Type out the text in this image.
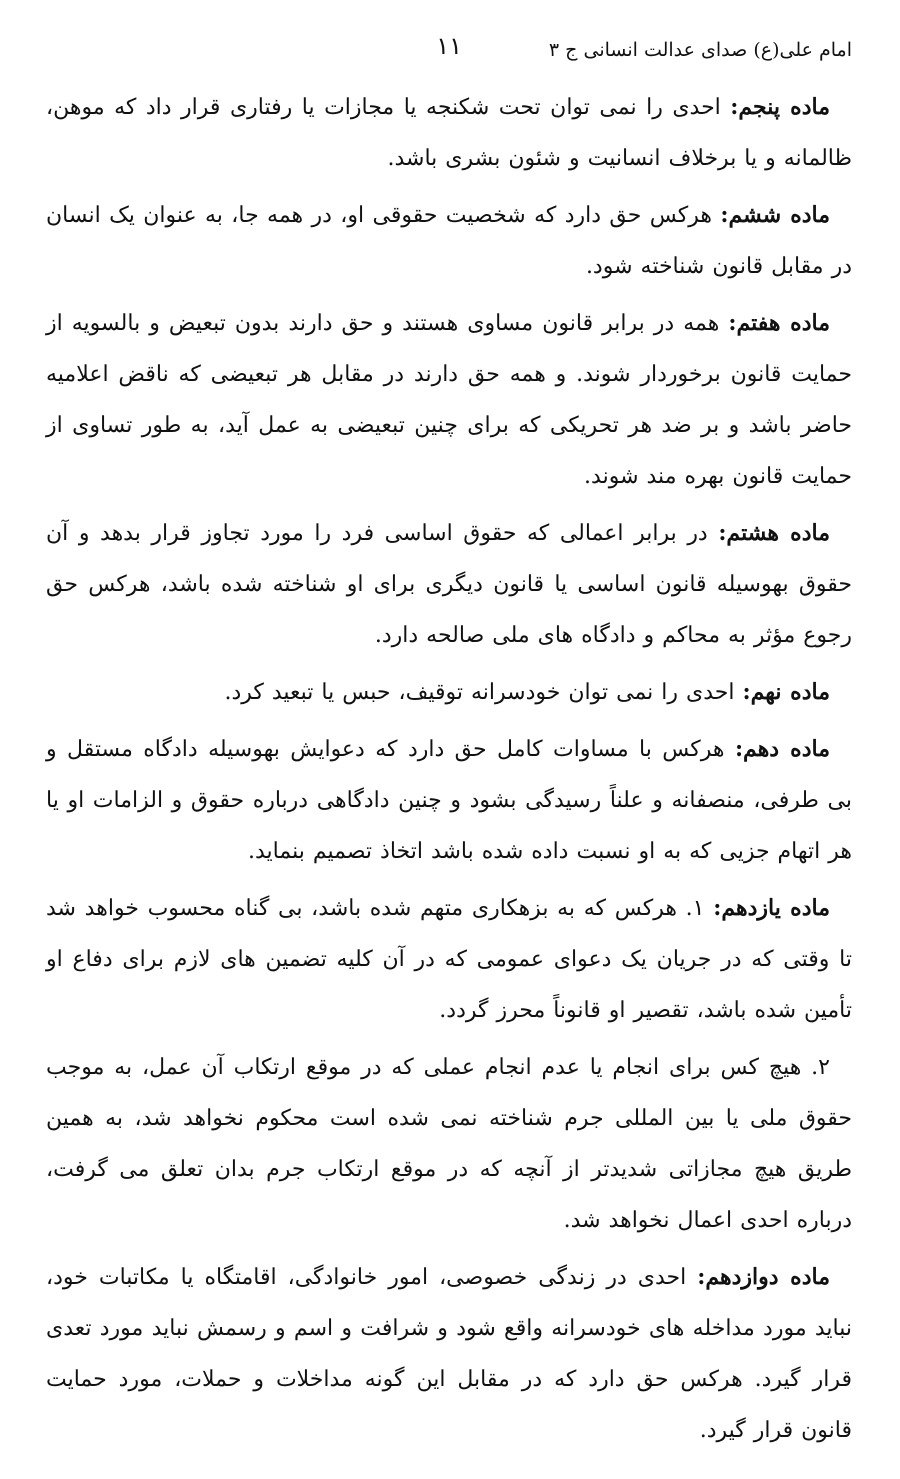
امام علی(ع) صدای عدالت انسانی ج ۳
۱۱

ماده پنجم: احدی را نمی توان تحت شکنجه یا مجازات یا رفتاری قرار داد که موهن، ظالمانه و یا برخلاف انسانیت و شئون بشری باشد.

ماده ششم: هرکس حق دارد که شخصیت حقوقی او، در همه جا، به عنوان یک انسان در مقابل قانون شناخته شود.

ماده هفتم: همه در برابر قانون مساوی هستند و حق دارند بدون تبعیض و بالسویه از حمایت قانون برخوردار شوند. و همه حق دارند در مقابل هر تبعیضی که ناقض اعلامیه حاضر باشد و بر ضد هر تحریکی که برای چنین تبعیضی به عمل آید، به طور تساوی از حمایت قانون بهره مند شوند.

ماده هشتم: در برابر اعمالی که حقوق اساسی فرد را مورد تجاوز قرار بدهد و آن حقوق بهوسیله قانون اساسی یا قانون دیگری برای او شناخته شده باشد، هرکس حق رجوع مؤثر به محاکم و دادگاه های ملی صالحه دارد.

ماده نهم: احدی را نمی توان خودسرانه توقیف، حبس یا تبعید کرد.

ماده دهم: هرکس با مساوات کامل حق دارد که دعوایش بهوسیله دادگاه مستقل و بی طرفی، منصفانه و علناً رسیدگی بشود و چنین دادگاهی درباره حقوق و الزامات او یا هر اتهام جزیی که به او نسبت داده شده باشد اتخاذ تصمیم بنماید.

ماده یازدهم: ۱. هرکس که به بزهکاری متهم شده باشد، بی گناه محسوب خواهد شد تا وقتی که در جریان یک دعوای عمومی که در آن کلیه تضمین های لازم برای دفاع او تأمین شده باشد، تقصیر او قانوناً محرز گردد.

۲. هیچ کس برای انجام یا عدم انجام عملی که در موقع ارتکاب آن عمل، به موجب حقوق ملی یا بین المللی جرم شناخته نمی شده است محکوم نخواهد شد، به همین طریق هیچ مجازاتی شدیدتر از آنچه که در موقع ارتکاب جرم بدان تعلق می گرفت، درباره احدی اعمال نخواهد شد.

ماده دوازدهم: احدی در زندگی خصوصی، امور خانوادگی، اقامتگاه یا مکاتبات خود، نباید مورد مداخله های خودسرانه واقع شود و شرافت و اسم و رسمش نباید مورد تعدی قرار گیرد. هرکس حق دارد که در مقابل این گونه مداخلات و حملات، مورد حمایت قانون قرار گیرد.
